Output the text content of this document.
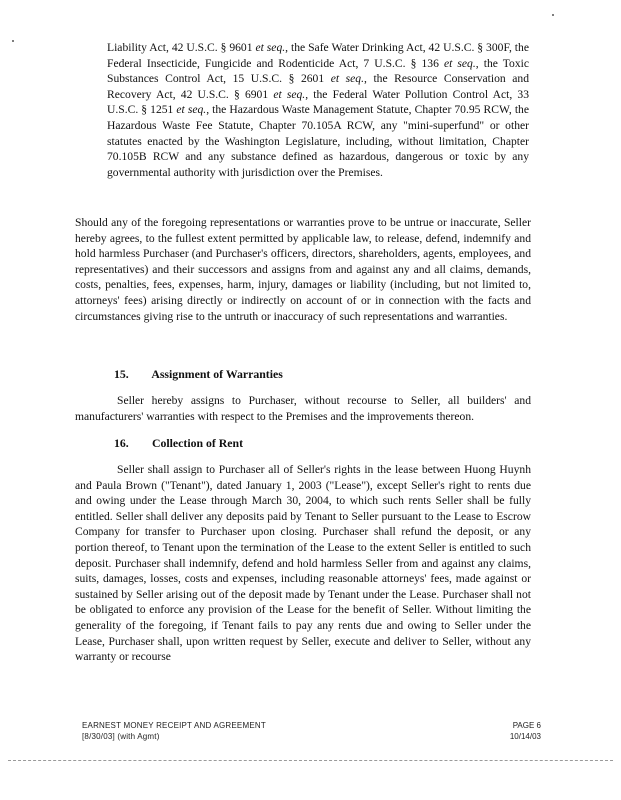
Liability Act, 42 U.S.C. § 9601 et seq., the Safe Water Drinking Act, 42 U.S.C. § 300F, the Federal Insecticide, Fungicide and Rodenticide Act, 7 U.S.C. § 136 et seq., the Toxic Substances Control Act, 15 U.S.C. § 2601 et seq., the Resource Conservation and Recovery Act, 42 U.S.C. § 6901 et seq., the Federal Water Pollution Control Act, 33 U.S.C. § 1251 et seq., the Hazardous Waste Management Statute, Chapter 70.95 RCW, the Hazardous Waste Fee Statute, Chapter 70.105A RCW, any "mini-superfund" or other statutes enacted by the Washington Legislature, including, without limitation, Chapter 70.105B RCW and any substance defined as hazardous, dangerous or toxic by any governmental authority with jurisdiction over the Premises.

Should any of the foregoing representations or warranties prove to be untrue or inaccurate, Seller hereby agrees, to the fullest extent permitted by applicable law, to release, defend, indemnify and hold harmless Purchaser (and Purchaser's officers, directors, shareholders, agents, employees, and representatives) and their successors and assigns from and against any and all claims, demands, costs, penalties, fees, expenses, harm, injury, damages or liability (including, but not limited to, attorneys' fees) arising directly or indirectly on account of or in connection with the facts and circumstances giving rise to the untruth or inaccuracy of such representations and warranties.

15. Assignment of Warranties

Seller hereby assigns to Purchaser, without recourse to Seller, all builders' and manufacturers' warranties with respect to the Premises and the improvements thereon.

16. Collection of Rent

Seller shall assign to Purchaser all of Seller's rights in the lease between Huong Huynh and Paula Brown ("Tenant"), dated January 1, 2003 ("Lease"), except Seller's right to rents due and owing under the Lease through March 30, 2004, to which such rents Seller shall be fully entitled. Seller shall deliver any deposits paid by Tenant to Seller pursuant to the Lease to Escrow Company for transfer to Purchaser upon closing. Purchaser shall refund the deposit, or any portion thereof, to Tenant upon the termination of the Lease to the extent Seller is entitled to such deposit. Purchaser shall indemnify, defend and hold harmless Seller from and against any claims, suits, damages, losses, costs and expenses, including reasonable attorneys' fees, made against or sustained by Seller arising out of the deposit made by Tenant under the Lease. Purchaser shall not be obligated to enforce any provision of the Lease for the benefit of Seller. Without limiting the generality of the foregoing, if Tenant fails to pay any rents due and owing to Seller under the Lease, Purchaser shall, upon written request by Seller, execute and deliver to Seller, without any warranty or recourse

EARNEST MONEY RECEIPT AND AGREEMENT
[8/30/03] (with Agmt)
PAGE 6
10/14/03
